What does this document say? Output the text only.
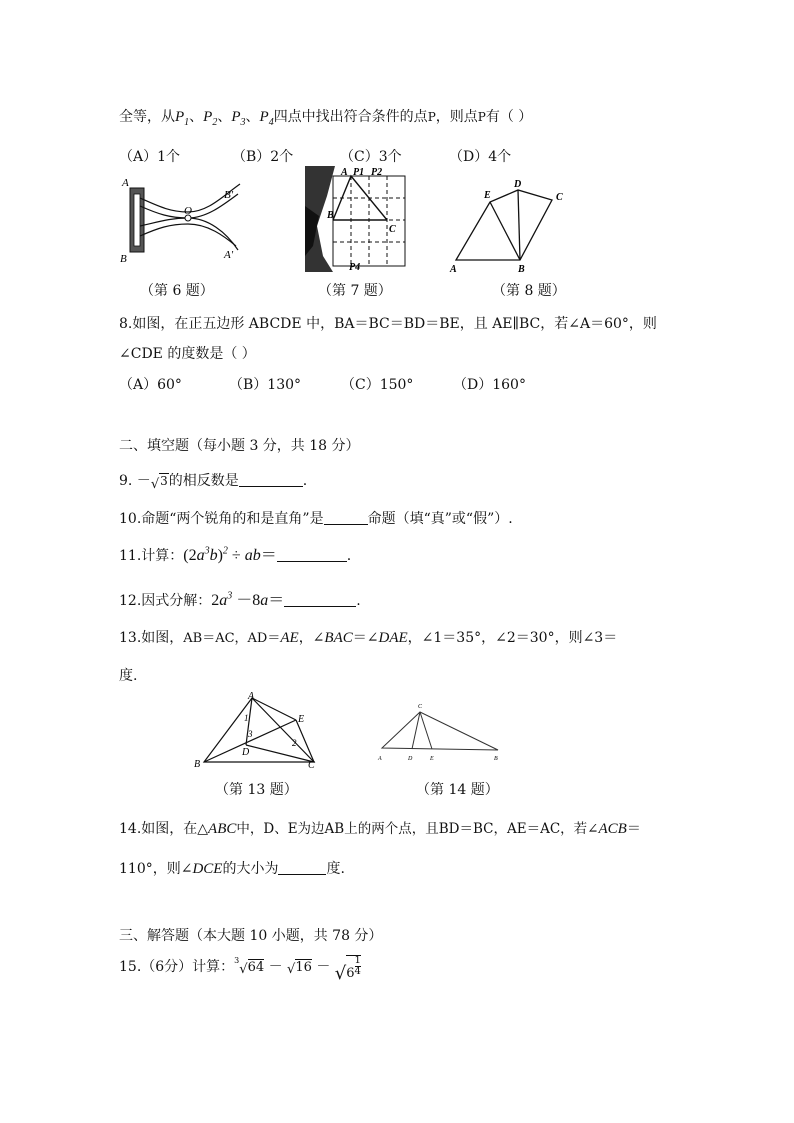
全等，从$P_1$、$P_2$、$P_3$、$P_4$四点中找出符合条件的点P，则点P有（ ）
（A）1个	（B）2个	（C）3个	（D）4个
A
B'
O
B	A'
（第 6 题）
A P1 P2
B
C
P4
（第 7 题）
E
D
C
A	B
（第 8 题）
8.如图，在正五边形 ABCDE 中，BA＝BC＝BD＝BE，且 AE∥BC，若∠A＝60°，则
∠CDE 的度数是（ ）
（A）60°	（B）130°	（C）150°	（D）160°
二、填空题（每小题 3 分，共 18 分）
9. －√3的相反数是	.
10.命题“两个锐角的和是直角”是	命题（填“真”或“假”）.
11.计算：$(2a^3b)^2 \div ab=$	.
12.因式分解：$2a^3 -8a=$	.
13.如图，AB＝AC，AD＝AE，∠BAC＝∠DAE，∠1＝35°，∠2＝30°，则∠3＝
度.
A
E
1
3
2
D
B	C
（第 13 题）
C
A	D	E	B
（第 14 题）
14.如图，在△ABC中，D、E为边AB上的两个点，且BD＝BC，AE＝AC，若∠ACB＝
110°，则∠DCE的大小为	度.
三、解答题（本大题 10 小题，共 78 分）
15.（6分）计算：$^3√64 - √16 - √6 \frac{1}{4}$
